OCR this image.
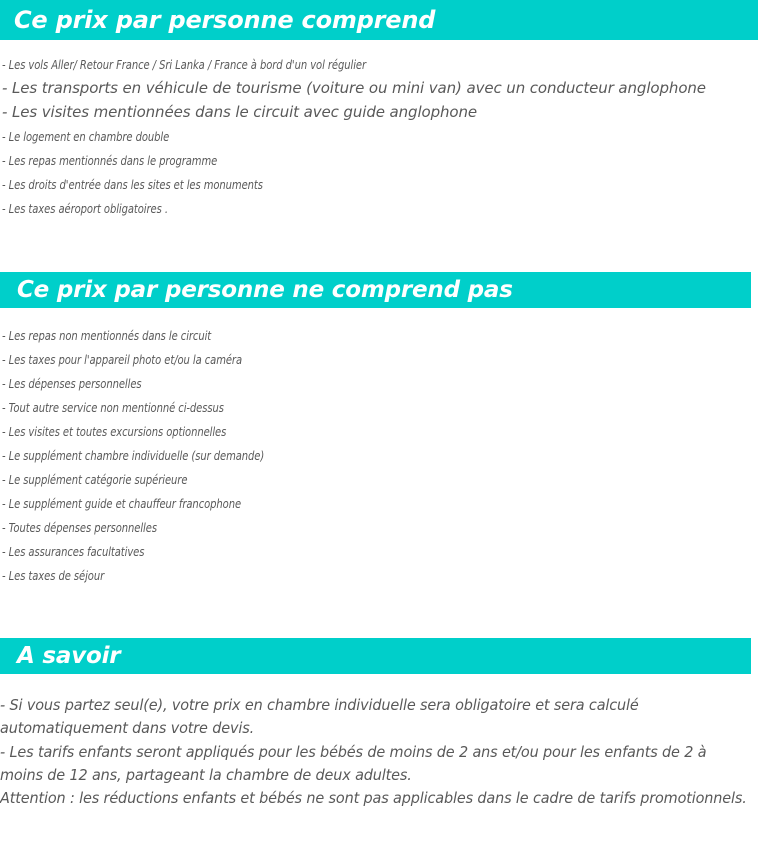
Ce prix par personne comprend
- Les vols Aller/ Retour France / Sri Lanka / France à bord d'un vol régulier
- Les transports en véhicule de tourisme (voiture ou mini van) avec un conducteur anglophone
- Les visites mentionnées dans le circuit avec guide anglophone
- Le logement en chambre double
- Les repas mentionnés dans le programme
- Les droits d'entrée dans les sites et les monuments
- Les taxes aéroport obligatoires .
Ce prix par personne ne comprend pas
- Les repas non mentionnés dans le circuit
- Les taxes pour l'appareil photo et/ou la caméra
- Les dépenses personnelles
- Tout autre service non mentionné ci-dessus
- Les visites et toutes excursions optionnelles
- Le supplément chambre individuelle (sur demande)
- Le supplément catégorie supérieure
- Le supplément guide et chauffeur francophone
- Toutes dépenses personnelles
- Les assurances facultatives
- Les taxes de séjour
A savoir

- Si vous partez seul(e), votre prix en chambre individuelle sera obligatoire et sera calculé automatiquement dans votre devis.

- Les tarifs enfants seront appliqués pour les bébés de moins de 2 ans et/ou pour les enfants de 2 à moins de 12 ans, partageant la chambre de deux adultes.

Attention : les réductions enfants et bébés ne sont pas applicables dans le cadre de tarifs promotionnels.
